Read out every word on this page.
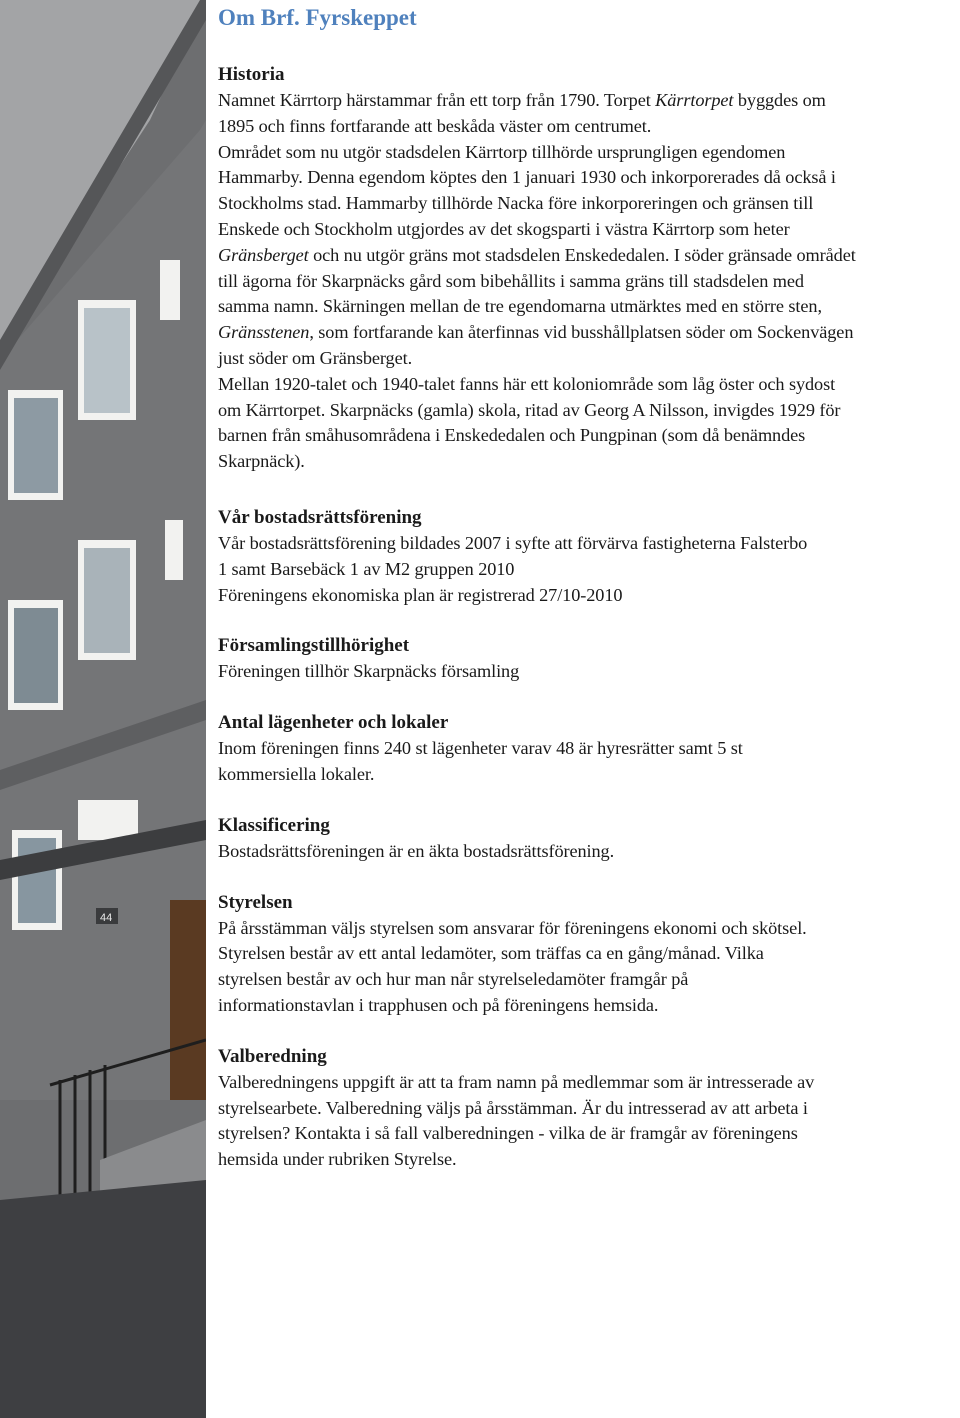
44
Om Brf. Fyrskeppet
Historia

Namnet Kärrtorp härstammar från ett torp från 1790. Torpet Kärrtorpet byggdes om
1895 och finns fortfarande att beskåda väster om centrumet.
Området som nu utgör stadsdelen Kärrtorp tillhörde ursprungligen egendomen
Hammarby. Denna egendom köptes den 1 januari 1930 och inkorporerades då också i
Stockholms stad. Hammarby tillhörde Nacka före inkorporeringen och gränsen till
Enskede och Stockholm utgjordes av det skogsparti i västra Kärrtorp som heter
Gränsberget och nu utgör gräns mot stadsdelen Enskededalen. I söder gränsade området
till ägorna för Skarpnäcks gård som bibehållits i samma gräns till stadsdelen med
samma namn. Skärningen mellan de tre egendomarna utmärktes med en större sten,
Gränsstenen, som fortfarande kan återfinnas vid busshållplatsen söder om Sockenvägen
just söder om Gränsberget.
Mellan 1920-talet och 1940-talet fanns här ett koloniområde som låg öster och sydost
om Kärrtorpet. Skarpnäcks (gamla) skola, ritad av Georg A Nilsson, invigdes 1929 för
barnen från småhusområdena i Enskededalen och Pungpinan (som då benämndes
Skarpnäck).

Vår bostadsrättsförening

Vår bostadsrättsförening bildades 2007 i syfte att förvärva fastigheterna Falsterbo
1 samt Barsebäck 1 av M2 gruppen 2010
Föreningens ekonomiska plan är registrerad 27/10-2010

Församlingstillhörighet

Föreningen tillhör Skarpnäcks församling

Antal lägenheter och lokaler

Inom föreningen finns 240 st lägenheter varav 48 är hyresrätter samt 5 st
kommersiella lokaler.

Klassificering

Bostadsrättsföreningen är en äkta bostadsrättsförening.

Styrelsen

På årsstämman väljs styrelsen som ansvarar för föreningens ekonomi och skötsel.
Styrelsen består av ett antal ledamöter, som träffas ca en gång/månad. Vilka
styrelsen består av och hur man når styrelseledamöter framgår på
informationstavlan i trapphusen och på föreningens hemsida.

Valberedning

Valberedningens uppgift är att ta fram namn på medlemmar som är intresserade av
styrelsearbete. Valberedning väljs på årsstämman. Är du intresserad av att arbeta i
styrelsen? Kontakta i så fall valberedningen - vilka de är framgår av föreningens
hemsida under rubriken Styrelse.
